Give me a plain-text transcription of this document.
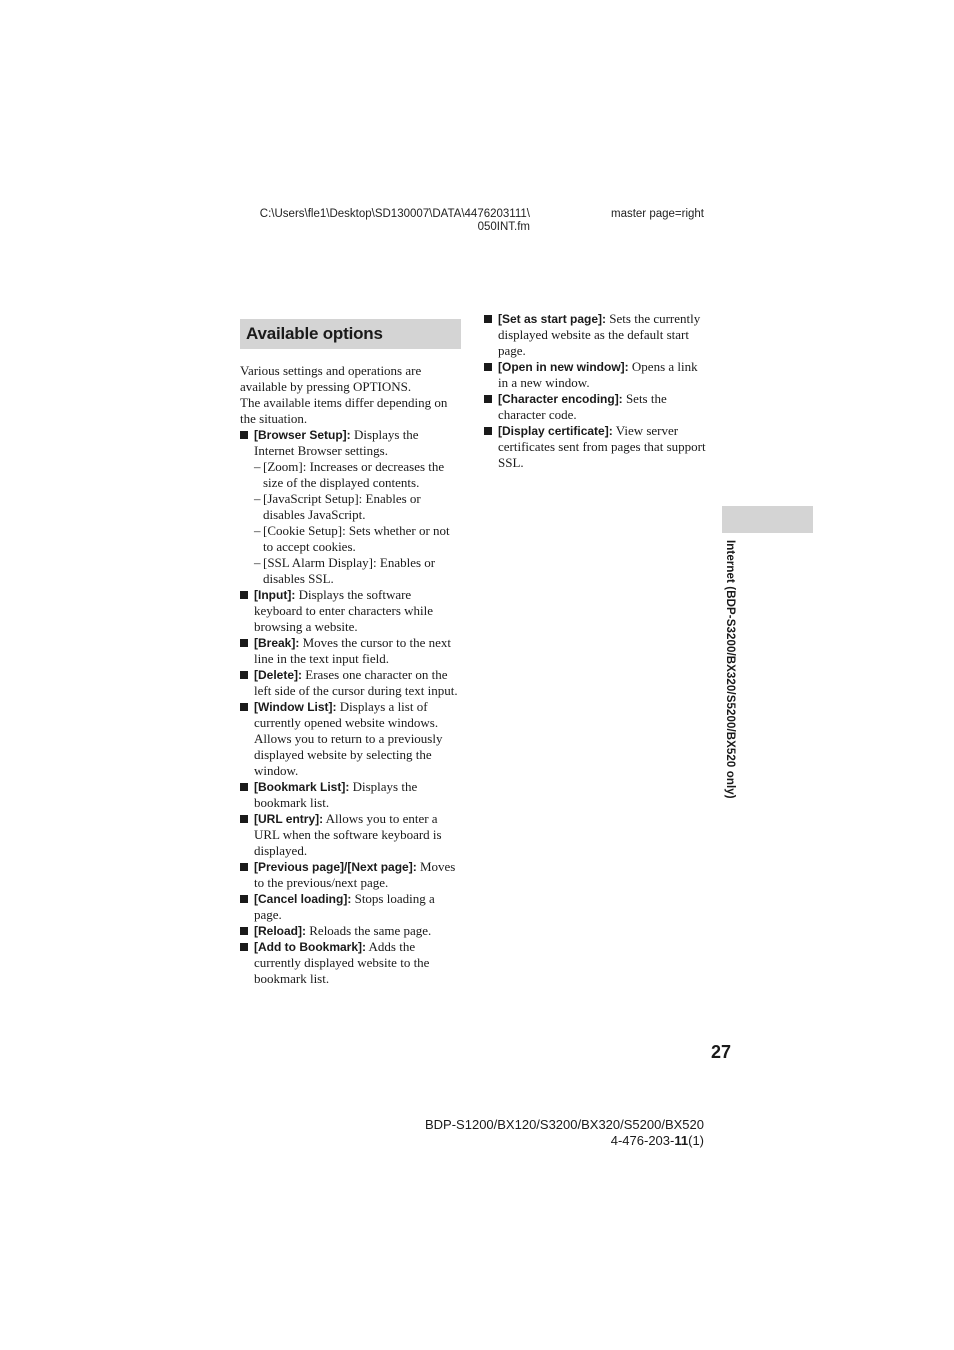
C:\Users\fle1\Desktop\SD130007\DATA\4476203111\
050INT.fm
master page=right
Available options

Various settings and operations are available by pressing OPTIONS.

The available items differ depending on the situation.

[Browser Setup]: Displays the Internet Browser settings.
– [Zoom]: Increases or decreases the size of the displayed contents.
– [JavaScript Setup]: Enables or disables JavaScript.
– [Cookie Setup]: Sets whether or not to accept cookies.
– [SSL Alarm Display]: Enables or disables SSL.
[Input]: Displays the software keyboard to enter characters while browsing a website.
[Break]: Moves the cursor to the next line in the text input field.
[Delete]: Erases one character on the left side of the cursor during text input.
[Window List]: Displays a list of currently opened website windows. Allows you to return to a previously displayed website by selecting the window.
[Bookmark List]: Displays the bookmark list.
[URL entry]: Allows you to enter a URL when the software keyboard is displayed.
[Previous page]/[Next page]: Moves to the previous/next page.
[Cancel loading]: Stops loading a page.
[Reload]: Reloads the same page.
[Add to Bookmark]: Adds the currently displayed website to the bookmark list.
[Set as start page]: Sets the currently displayed website as the default start page.
[Open in new window]: Opens a link in a new window.
[Character encoding]: Sets the character code.
[Display certificate]: View server certificates sent from pages that support SSL.
Internet (BDP-S3200/BX320/S5200/BX520 only)
27
BDP-S1200/BX120/S3200/BX320/S5200/BX520
4-476-203-11(1)
